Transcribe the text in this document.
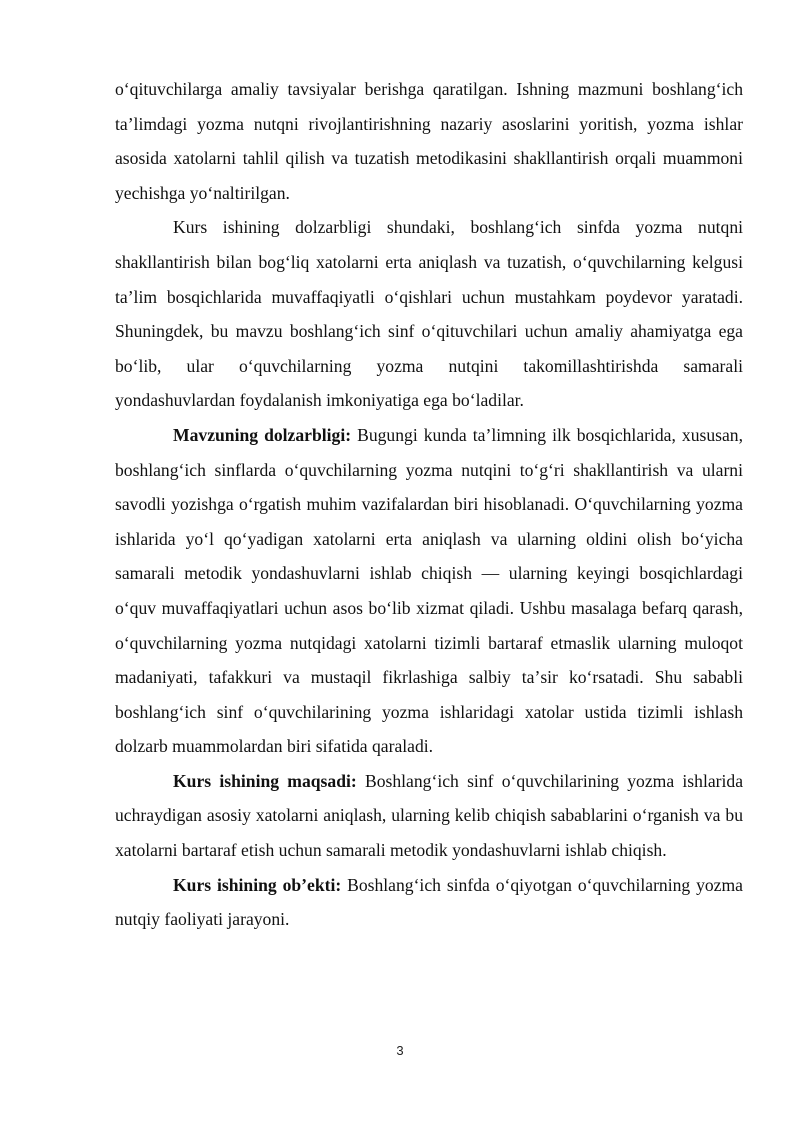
oʻqituvchilarga amaliy tavsiyalar berishga qaratilgan. Ishning mazmuni boshlangʻich taʼlimdagi yozma nutqni rivojlantirishning nazariy asoslarini yoritish, yozma ishlar asosida xatolarni tahlil qilish va tuzatish metodikasini shakllantirish orqali muammoni yechishga yoʻnaltirilgan.

Kurs ishining dolzarbligi shundaki, boshlangʻich sinfda yozma nutqni shakllantirish bilan bogʻliq xatolarni erta aniqlash va tuzatish, oʻquvchilarning kelgusi taʼlim bosqichlarida muvaffaqiyatli oʻqishlari uchun mustahkam poydevor yaratadi. Shuningdek, bu mavzu boshlangʻich sinf oʻqituvchilari uchun amaliy ahamiyatga ega boʻlib, ular oʻquvchilarning yozma nutqini takomillashtirishda samarali yondashuvlardan foydalanish imkoniyatiga ega boʻladilar.

Mavzuning dolzarbligi: Bugungi kunda taʼlimning ilk bosqichlarida, xususan, boshlangʻich sinflarda oʻquvchilarning yozma nutqini toʻgʻri shakllantirish va ularni savodli yozishga oʻrgatish muhim vazifalardan biri hisoblanadi. Oʻquvchilarning yozma ishlarida yoʻl qoʻyadigan xatolarni erta aniqlash va ularning oldini olish boʻyicha samarali metodik yondashuvlarni ishlab chiqish — ularning keyingi bosqichlardagi oʻquv muvaffaqiyatlari uchun asos boʻlib xizmat qiladi. Ushbu masalaga befarq qarash, oʻquvchilarning yozma nutqidagi xatolarni tizimli bartaraf etmaslik ularning muloqot madaniyati, tafakkuri va mustaqil fikrlashiga salbiy taʼsir koʻrsatadi. Shu sababli boshlangʻich sinf oʻquvchilarining yozma ishlaridagi xatolar ustida tizimli ishlash dolzarb muammolardan biri sifatida qaraladi.

Kurs ishining maqsadi: Boshlangʻich sinf oʻquvchilarining yozma ishlarida uchraydigan asosiy xatolarni aniqlash, ularning kelib chiqish sabablarini oʻrganish va bu xatolarni bartaraf etish uchun samarali metodik yondashuvlarni ishlab chiqish.

Kurs ishining obʼekti: Boshlangʻich sinfda oʻqiyotgan oʻquvchilarning yozma nutqiy faoliyati jarayoni.

3
